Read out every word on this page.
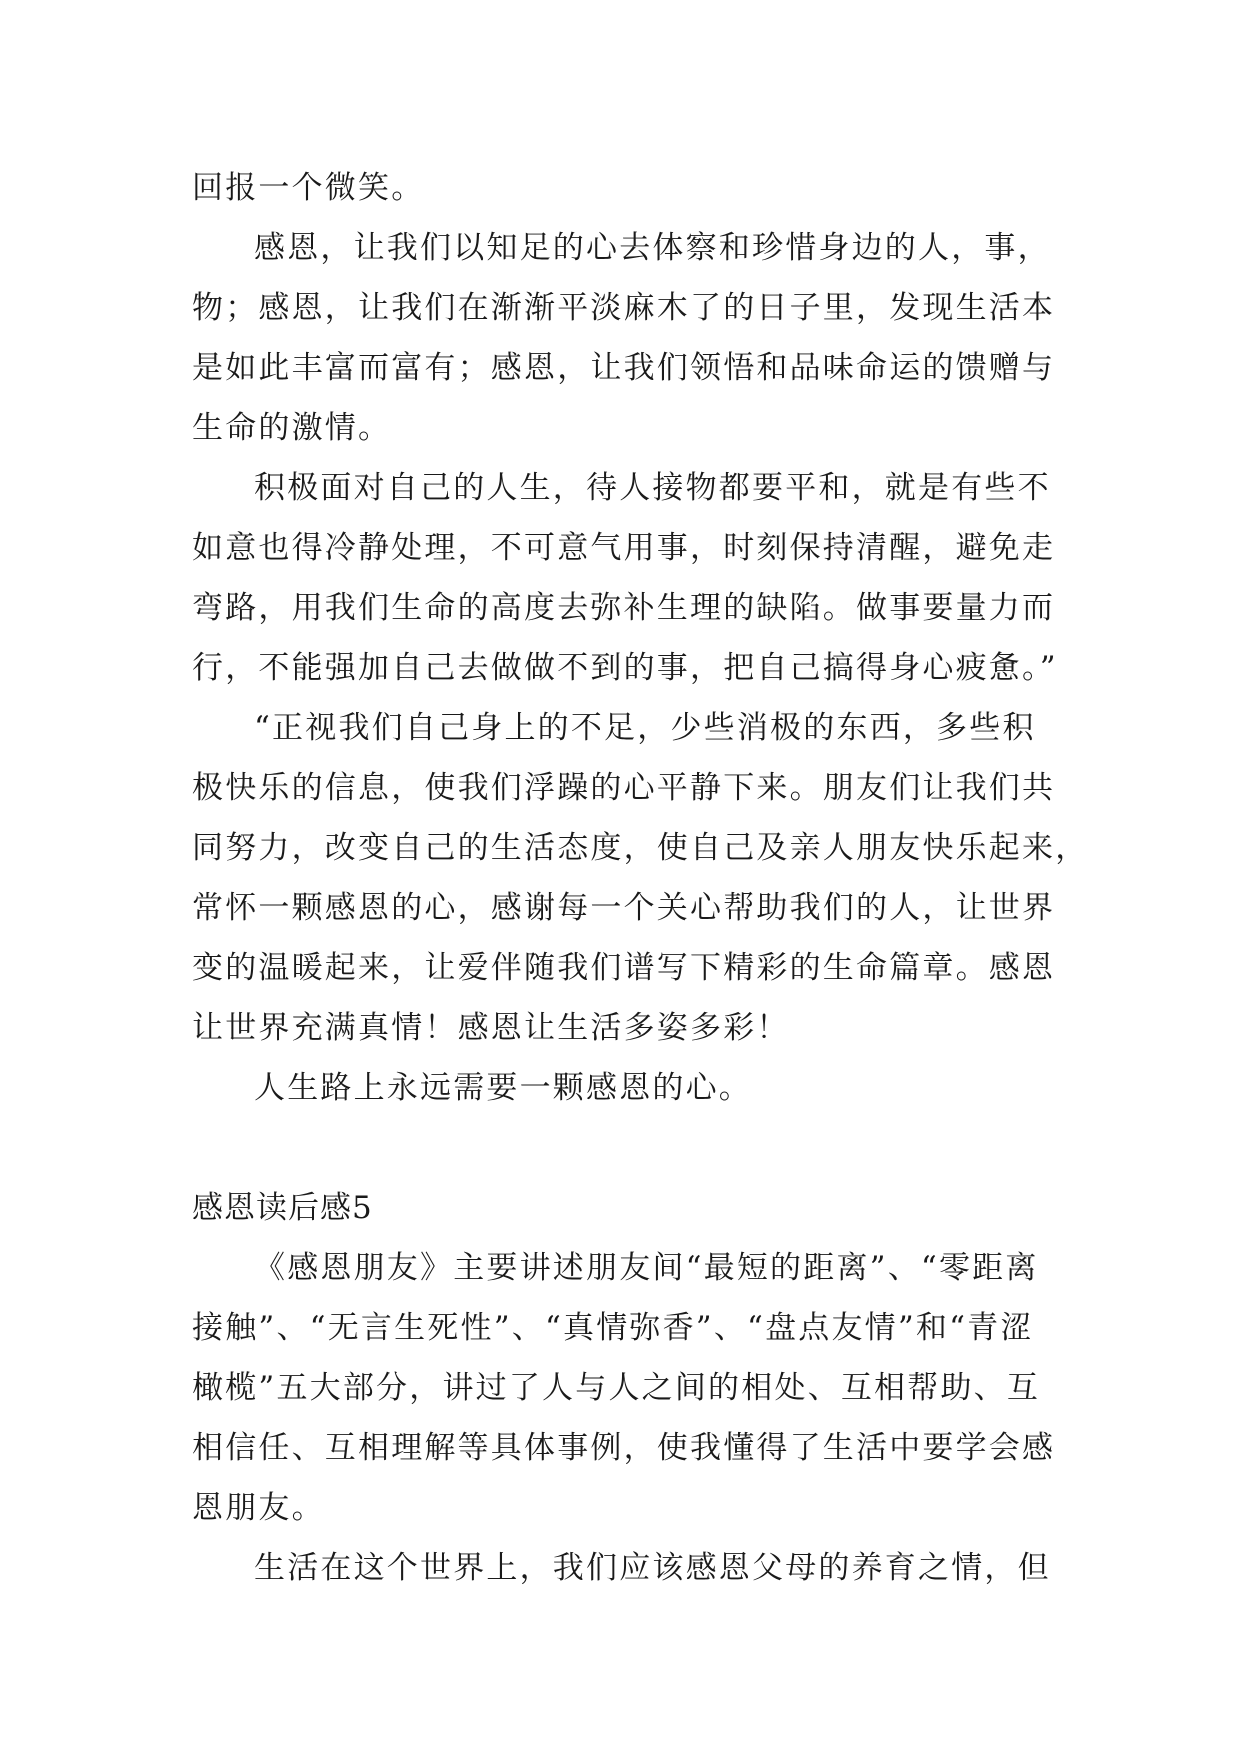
回报一个微笑。
感恩，让我们以知足的心去体察和珍惜身边的人，事，
物；感恩，让我们在渐渐平淡麻木了的日子里，发现生活本
是如此丰富而富有；感恩，让我们领悟和品味命运的馈赠与
生命的激情。
积极面对自己的人生，待人接物都要平和，就是有些不
如意也得冷静处理，不可意气用事，时刻保持清醒，避免走
弯路，用我们生命的高度去弥补生理的缺陷。做事要量力而
行，不能强加自己去做做不到的事，把自己搞得身心疲惫。”
“正视我们自己身上的不足，少些消极的东西，多些积
极快乐的信息，使我们浮躁的心平静下来。朋友们让我们共
同努力，改变自己的生活态度，使自己及亲人朋友快乐起来，
常怀一颗感恩的心，感谢每一个关心帮助我们的人，让世界
变的温暖起来，让爱伴随我们谱写下精彩的生命篇章。感恩
让世界充满真情！感恩让生活多姿多彩！
人生路上永远需要一颗感恩的心。
感恩读后感5
《感恩朋友》主要讲述朋友间“最短的距离”、“零距离
接触”、“无言生死性”、“真情弥香”、“盘点友情”和“青涩
橄榄”五大部分，讲过了人与人之间的相处、互相帮助、互
相信任、互相理解等具体事例，使我懂得了生活中要学会感
恩朋友。
生活在这个世界上，我们应该感恩父母的养育之情，但
